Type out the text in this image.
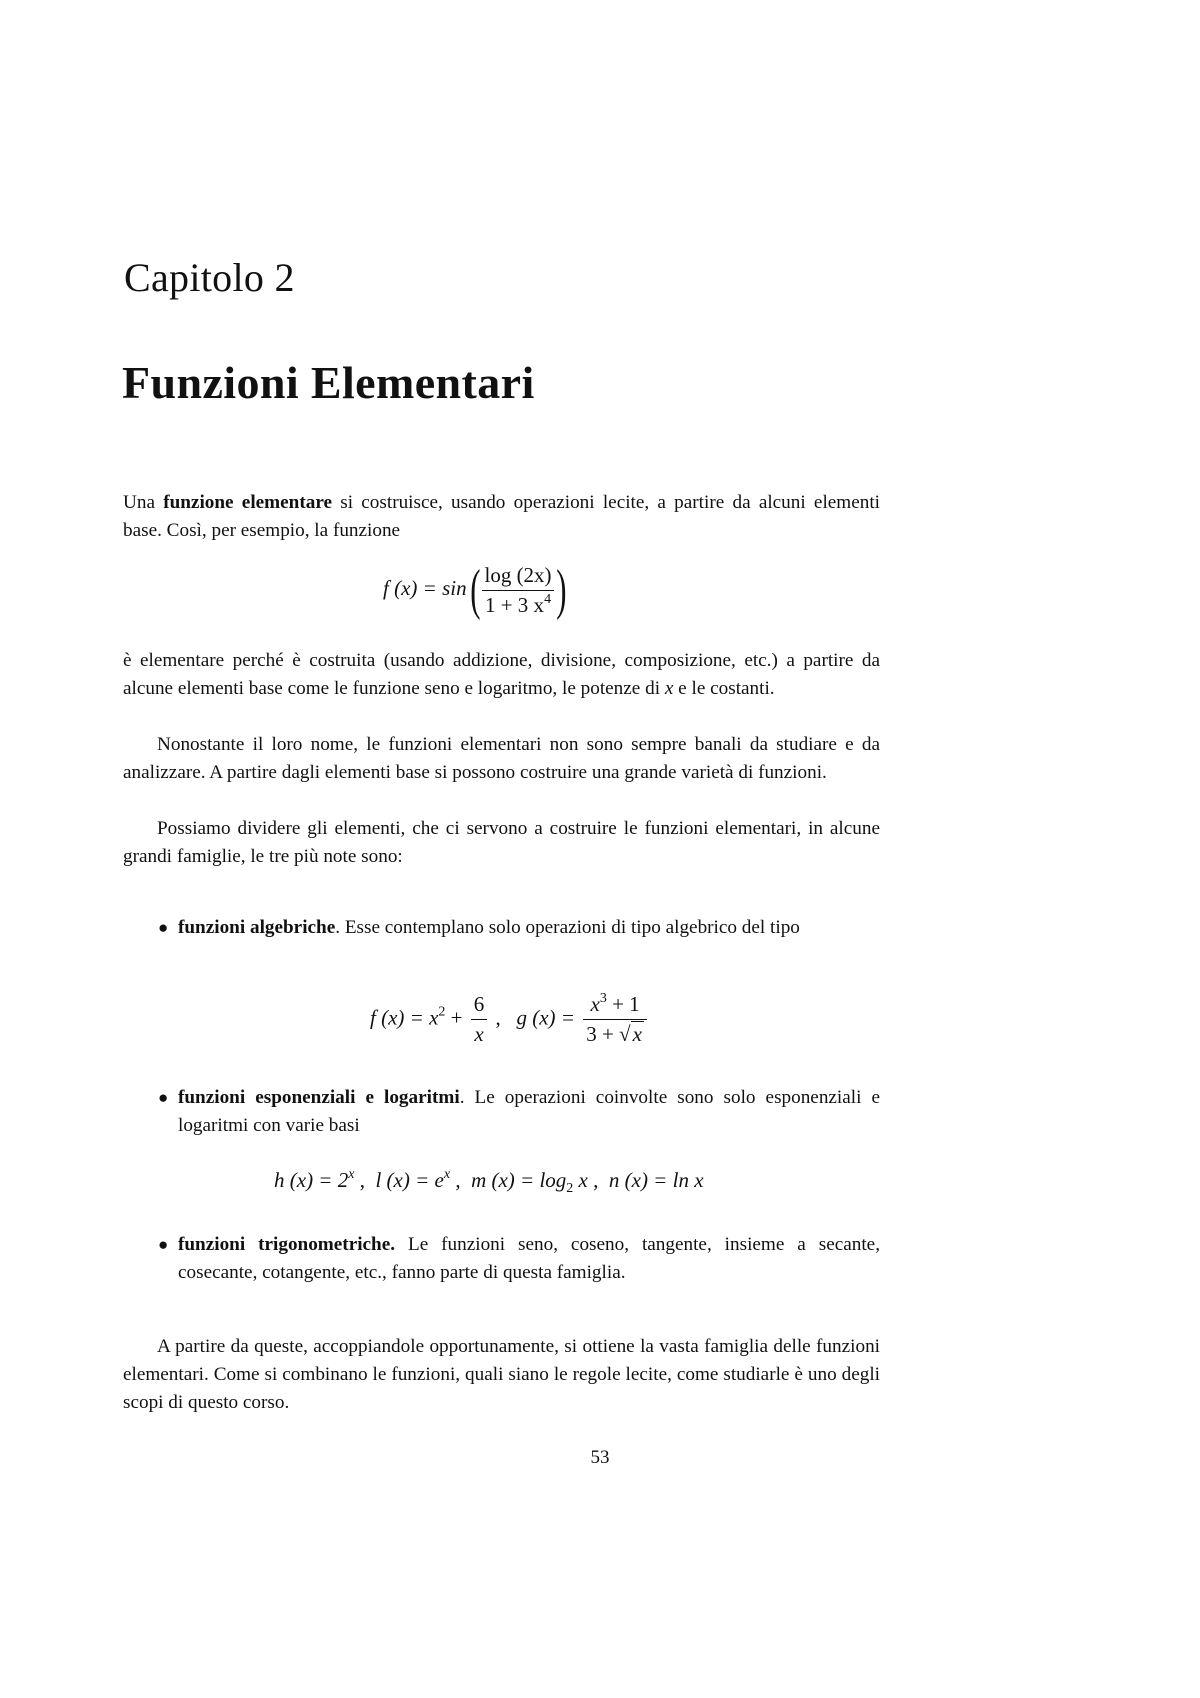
Capitolo 2
Funzioni Elementari

Una funzione elementare si costruisce, usando operazioni lecite, a partire da alcuni elementi base. Così, per esempio, la funzione

f (x) = sin ( $\frac{\log (2x)}{1 + 3 x^4}$ )

è elementare perché è costruita (usando addizione, divisione, composizione, etc.) a partire da alcune elementi base come le funzione seno e logaritmo, le potenze di x e le costanti.

Nonostante il loro nome, le funzioni elementari non sono sempre banali da studiare e da analizzare. A partire dagli elementi base si possono costruire una grande varietà di funzioni.

Possiamo dividere gli elementi, che ci servono a costruire le funzioni elementari, in alcune grandi famiglie, le tre più note sono:

● funzioni algebriche. Esse contemplano solo operazioni di tipo algebrico del tipo

● funzioni esponenziali e logaritmi. Le operazioni coinvolte sono solo esponenziali e logaritmi con varie basi

● funzioni trigonometriche. Le funzioni seno, coseno, tangente, insieme a secante, cosecante, cotangente, etc., fanno parte di questa famiglia.

f $(x) = x^2 + \frac{6}{x}$ , g $(x) = \frac{x^3 + 1}{3 + √x}$
h $(x) = 2^x$ , l $(x) = e^x$ , m $(x) = \log_2 x$ , n (x) = ln x

A partire da queste, accoppiandole opportunamente, si ottiene la vasta famiglia delle funzioni elementari. Come si combinano le funzioni, quali siano le regole lecite, come studiarle è uno degli scopi di questo corso.

53
